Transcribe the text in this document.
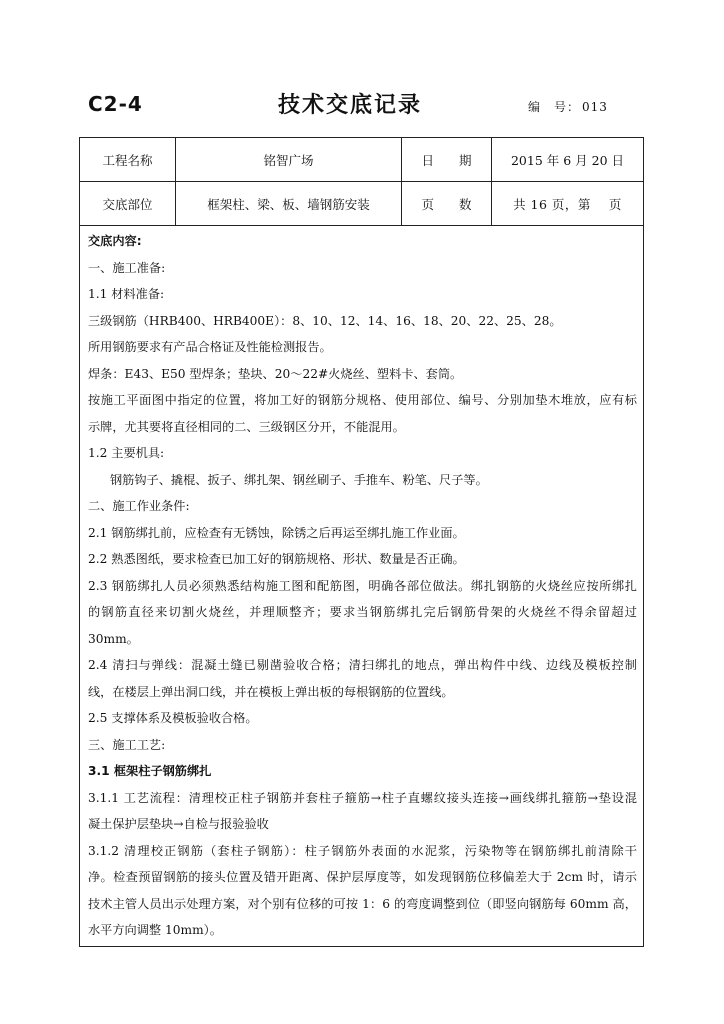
C2-4	技术交底记录	编　号： 013
工程名称	铭智广场	日　　期	2015 年 6 月 20 日
交底部位	框架柱、梁、板、墙钢筋安装	页　　数	共 16 页，第 页
交底内容:
一、施工准备:
1.1 材料准备:
三级钢筋（HRB400、HRB400E）：8、10、12、14、16、18、20、22、25、28。
所用钢筋要求有产品合格证及性能检测报告。
焊条：E43、E50 型焊条；垫块、20～22#火烧丝、塑料卡、套筒。
按施工平面图中指定的位置，将加工好的钢筋分规格、使用部位、编号、分别加垫木堆放，应有标
示牌，尤其要将直径相同的二、三级钢区分开，不能混用。
1.2 主要机具:
钢筋钩子、撬棍、扳子、绑扎架、钢丝刷子、手推车、粉笔、尺子等。
二、施工作业条件:
2.1 钢筋绑扎前，应检查有无锈蚀，除锈之后再运至绑扎施工作业面。
2.2 熟悉图纸，要求检查已加工好的钢筋规格、形状、数量是否正确。
2.3 钢筋绑扎人员必须熟悉结构施工图和配筋图，明确各部位做法。绑扎钢筋的火烧丝应按所绑扎
的钢筋直径来切割火烧丝，并理顺整齐；要求当钢筋绑扎完后钢筋骨架的火烧丝不得余留超过
30mm。
2.4 清扫与弹线：混凝土缝已剔凿验收合格；清扫绑扎的地点，弹出构件中线、边线及模板控制
线，在楼层上弹出洞口线，并在模板上弹出板的每根钢筋的位置线。
2.5 支撑体系及模板验收合格。
三、施工工艺:
3.1 框架柱子钢筋绑扎
3.1.1 工艺流程：清理校正柱子钢筋并套柱子箍筋→柱子直螺纹接头连接→画线绑扎箍筋→垫设混
凝土保护层垫块→自检与报验验收
3.1.2 清理校正钢筋（套柱子钢筋）：柱子钢筋外表面的水泥浆，污染物等在钢筋绑扎前清除干
净。检查预留钢筋的接头位置及错开距离、保护层厚度等，如发现钢筋位移偏差大于 2cm 时，请示
技术主管人员出示处理方案，对个别有位移的可按 1：6 的弯度调整到位（即竖向钢筋每 60mm 高，
水平方向调整 10mm）。
